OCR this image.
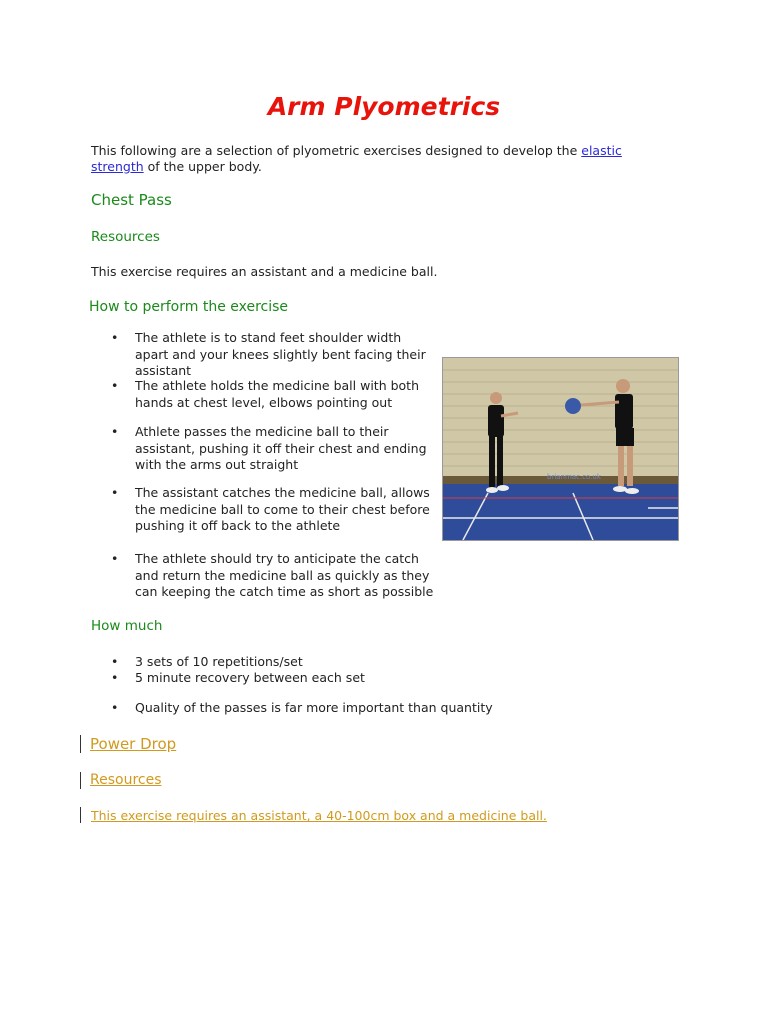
Arm Plyometrics

This following are a selection of plyometric exercises designed to develop the elastic strength of the upper body.

Chest Pass
Resources

This exercise requires an assistant and a medicine ball.

How to perform the exercise
• The athlete is to stand feet shoulder width apart and your knees slightly bent facing their assistant
• The athlete holds the medicine ball with both hands at chest level, elbows pointing out
• Athlete passes the medicine ball to their assistant, pushing it off their chest and ending with the arms out straight
• The assistant catches the medicine ball, allows the medicine ball to come to their chest before pushing it off back to the athlete
• The athlete should try to anticipate the catch and return the medicine ball as quickly as they can keeping the catch time as short as possible
brianmac.co.uk
How much
• 3 sets of 10 repetitions/set
• 5 minute recovery between each set
• Quality of the passes is far more important than quantity
Power Drop
Resources
This exercise requires an assistant, a 40-100cm box and a medicine ball.
